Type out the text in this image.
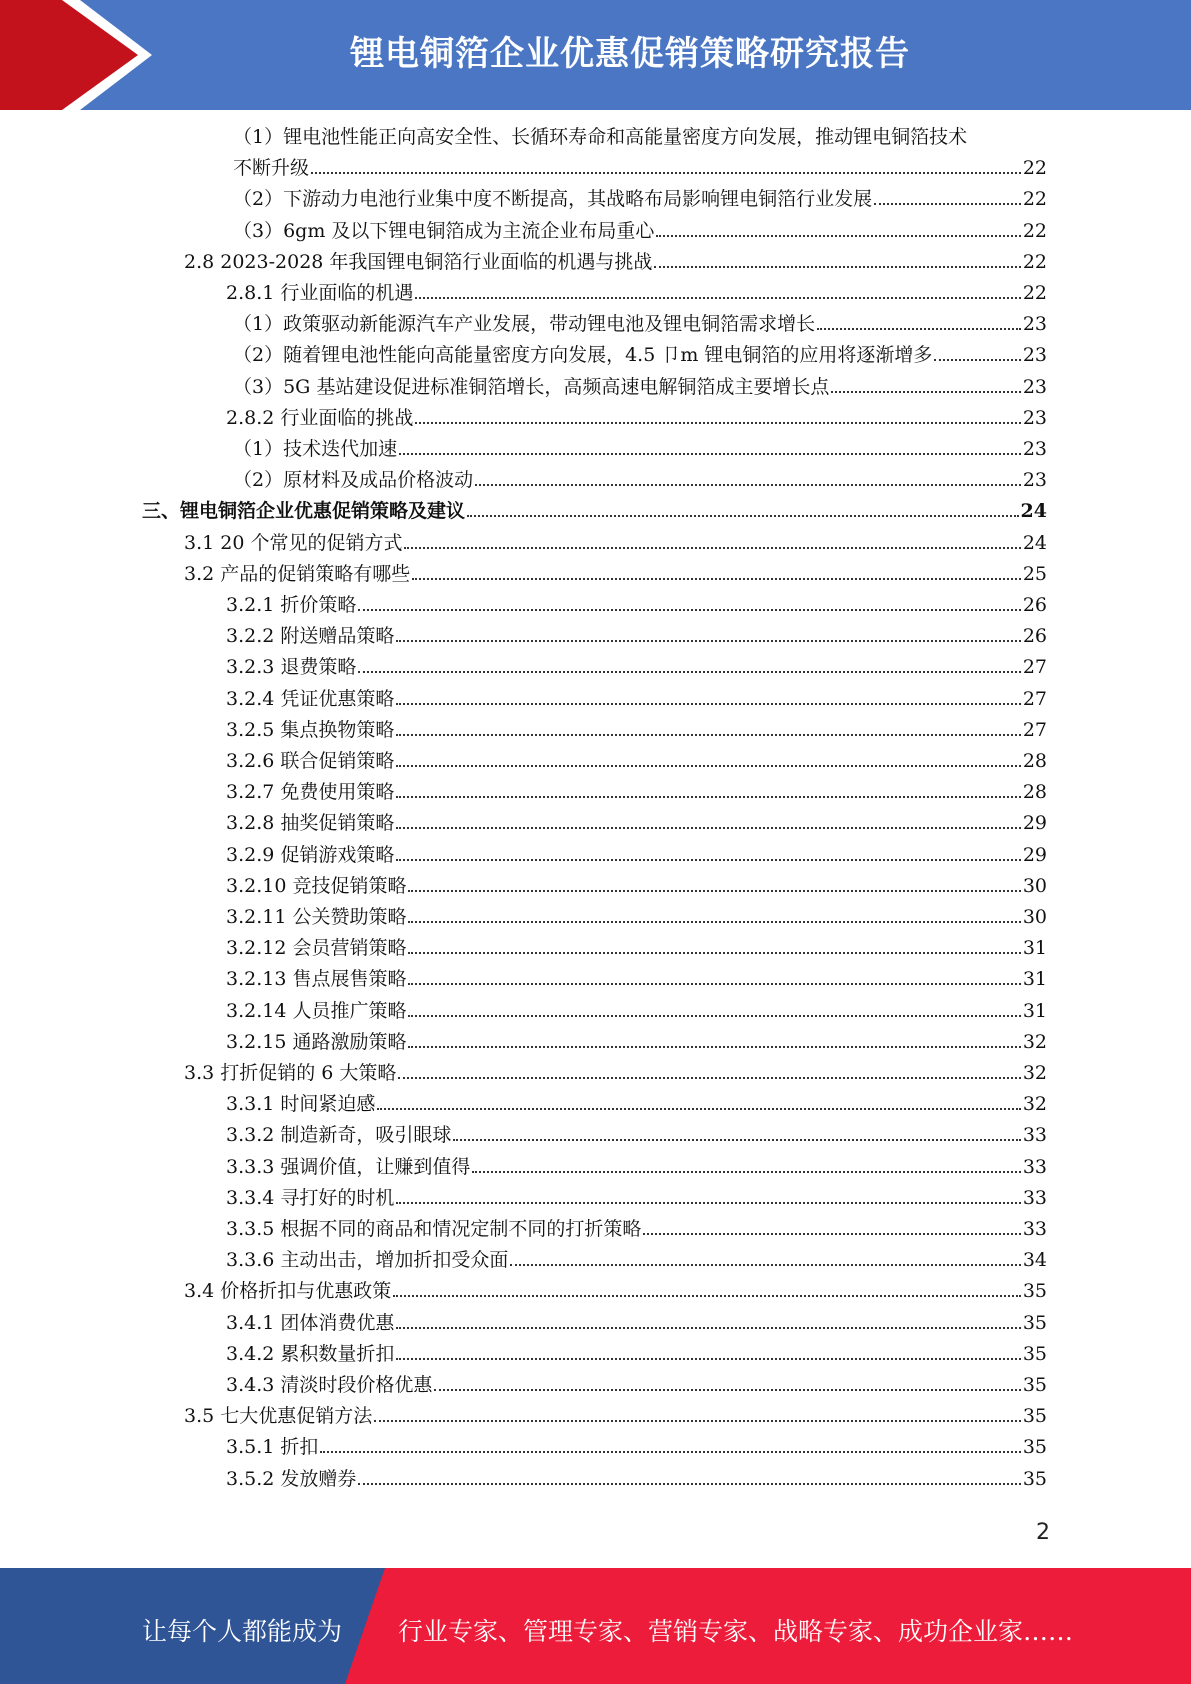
锂电铜箔企业优惠促销策略研究报告
（1）锂电池性能正向高安全性、长循环寿命和高能量密度方向发展，推动锂电铜箔技术
不断升级	22
（2）下游动力电池行业集中度不断提高，其战略布局影响锂电铜箔行业发展	22
（3）6gm 及以下锂电铜箔成为主流企业布局重心	22
2.8 2023-2028 年我国锂电铜箔行业面临的机遇与挑战	22
2.8.1 行业面临的机遇	22
（1）政策驱动新能源汽车产业发展，带动锂电池及锂电铜箔需求增长	23
（2）随着锂电池性能向高能量密度方向发展，4.5 卩m 锂电铜箔的应用将逐渐增多	23
（3）5G 基站建设促进标准铜箔增长，高频高速电解铜箔成主要增长点	23
2.8.2 行业面临的挑战	23
（1）技术迭代加速	23
（2）原材料及成品价格波动	23
三、锂电铜箔企业优惠促销策略及建议	24
3.1 20 个常见的促销方式	24
3.2 产品的促销策略有哪些	25
3.2.1 折价策略	26
3.2.2 附送赠品策略	26
3.2.3 退费策略	27
3.2.4 凭证优惠策略	27
3.2.5 集点换物策略	27
3.2.6 联合促销策略	28
3.2.7 免费使用策略	28
3.2.8 抽奖促销策略	29
3.2.9 促销游戏策略	29
3.2.10 竞技促销策略	30
3.2.11 公关赞助策略	30
3.2.12 会员营销策略	31
3.2.13 售点展售策略	31
3.2.14 人员推广策略	31
3.2.15 通路激励策略	32
3.3 打折促销的 6 大策略	32
3.3.1 时间紧迫感	32
3.3.2 制造新奇，吸引眼球	33
3.3.3 强调价值，让赚到值得	33
3.3.4 寻打好的时机	33
3.3.5 根据不同的商品和情况定制不同的打折策略	33
3.3.6 主动出击，增加折扣受众面	34
3.4 价格折扣与优惠政策	35
3.4.1 团体消费优惠	35
3.4.2 累积数量折扣	35
3.4.3 清淡时段价格优惠	35
3.5 七大优惠促销方法	35
3.5.1 折扣	35
3.5.2 发放赠券	35
2
让每个人都能成为 行业专家、管理专家、营销专家、战略专家、成功企业家……
